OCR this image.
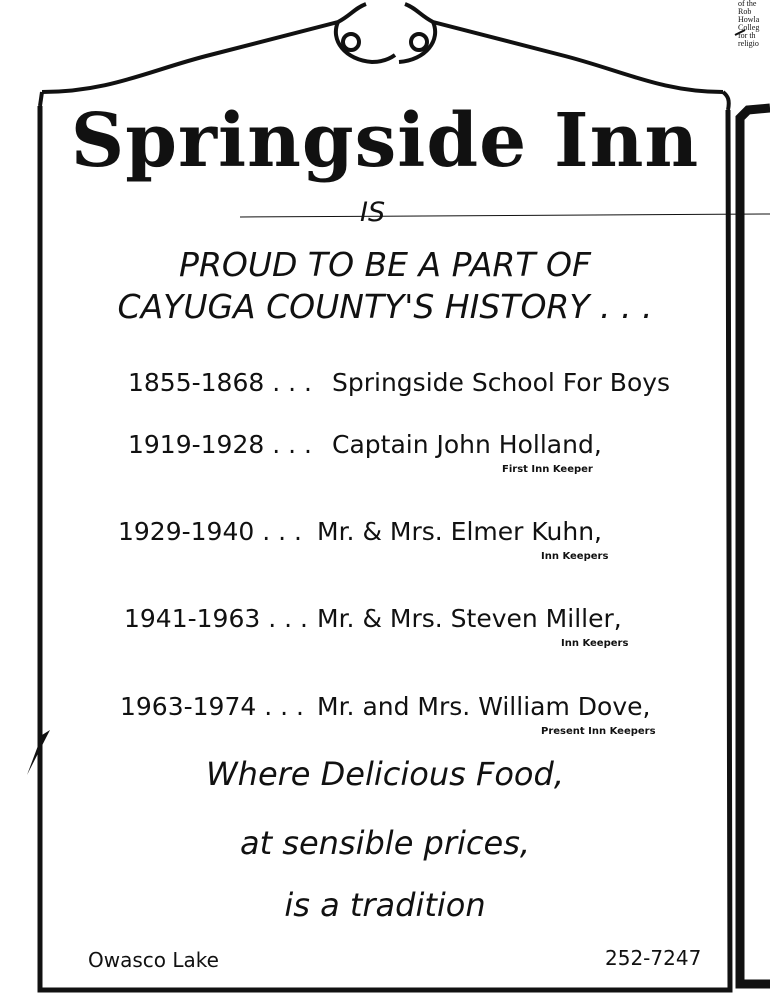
of the
Rob
Howla
Colleg
for th
religio
Springside Inn
IS
PROUD TO BE A PART OF
CAYUGA COUNTY'S HISTORY . . .
1855-1868 . . . Springside School For Boys
1919-1928 . . . Captain John Holland,
First Inn Keeper
1929-1940 . . . Mr. & Mrs. Elmer Kuhn,
Inn Keepers
1941-1963 . . . Mr. & Mrs. Steven Miller,
Inn Keepers
1963-1974 . . . Mr. and Mrs. William Dove,
Present Inn Keepers
Where Delicious Food,
at sensible prices,
is a tradition
Owasco Lake	252-7247
